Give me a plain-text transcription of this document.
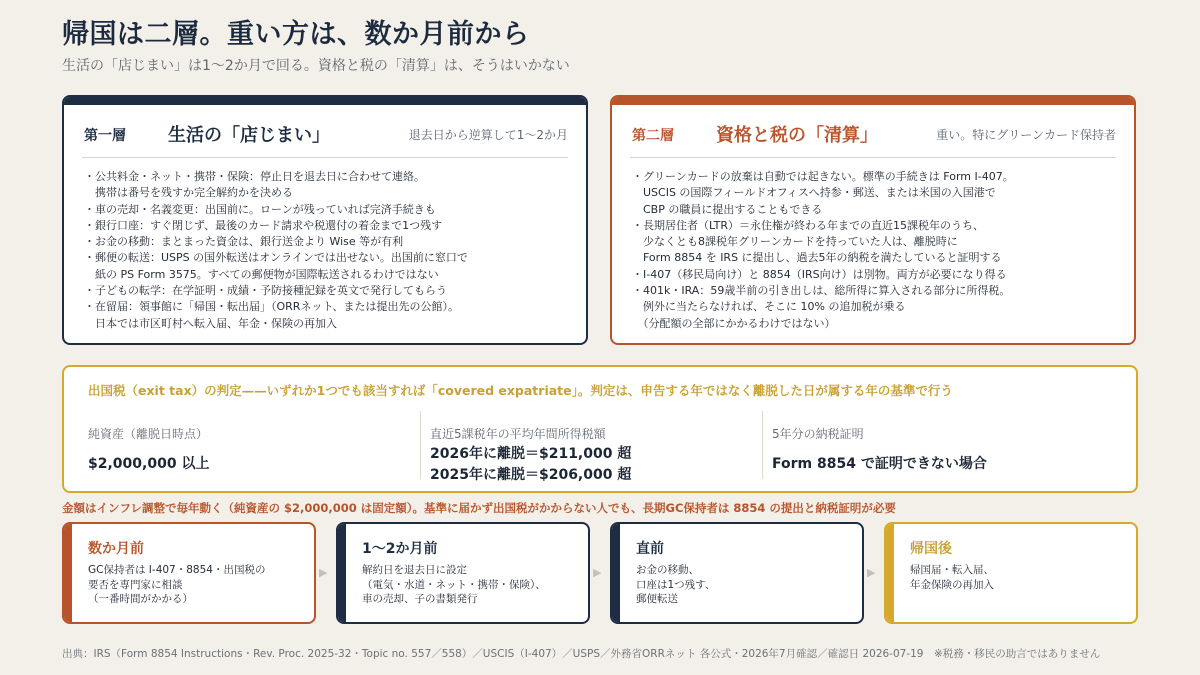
帰国は二層。重い方は、数か月前から
生活の「店じまい」は1〜2か月で回る。資格と税の「清算」は、そうはいかない
第一層 生活の「店じまい」	退去日から逆算して1〜2か月
・公共料金・ネット・携帯・保険：停止日を退去日に合わせて連絡。
　携帯は番号を残すか完全解約かを決める
・車の売却・名義変更：出国前に。ローンが残っていれば完済手続きも
・銀行口座：すぐ閉じず、最後のカード請求や税還付の着金まで1つ残す
・お金の移動：まとまった資金は、銀行送金より Wise 等が有利
・郵便の転送：USPS の国外転送はオンラインでは出せない。出国前に窓口で
　紙の PS Form 3575。すべての郵便物が国際転送されるわけではない
・子どもの転学：在学証明・成績・予防接種記録を英文で発行してもらう
・在留届：領事館に「帰国・転出届」（ORRネット、または提出先の公館）。
　日本では市区町村へ転入届、年金・保険の再加入
第二層 資格と税の「清算」	重い。特にグリーンカード保持者
・グリーンカードの放棄は自動では起きない。標準の手続きは Form I-407。
　USCIS の国際フィールドオフィスへ持参・郵送、または米国の入国港で
　CBP の職員に提出することもできる
・長期居住者（LTR）＝永住権が終わる年までの直近15課税年のうち、
　少なくとも8課税年グリーンカードを持っていた人は、離脱時に
　Form 8854 を IRS に提出し、過去5年の納税を満たしていると証明する
・I-407（移民局向け）と 8854（IRS向け）は別物。両方が必要になり得る
・401k・IRA：59歳半前の引き出しは、総所得に算入される部分に所得税。
　例外に当たらなければ、そこに 10% の追加税が乗る
　（分配額の全部にかかるわけではない）
出国税（exit tax）の判定——いずれか1つでも該当すれば「covered expatriate」。判定は、申告する年ではなく離脱した日が属する年の基準で行う
純資産（離脱日時点）
$2,000,000 以上
直近5課税年の平均年間所得税額
2026年に離脱＝$211,000 超
2025年に離脱＝$206,000 超
5年分の納税証明
Form 8854 で証明できない場合
金額はインフレ調整で毎年動く（純資産の $2,000,000 は固定額）。基準に届かず出国税がかからない人でも、長期GC保持者は 8854 の提出と納税証明が必要
数か月前
GC保持者は I-407・8854・出国税の
要否を専門家に相談
（一番時間がかかる）
▶
1〜2か月前
解約日を退去日に設定
（電気・水道・ネット・携帯・保険）、
車の売却、子の書類発行
▶
直前
お金の移動、
口座は1つ残す、
郵便転送
▶
帰国後
帰国届・転入届、
年金保険の再加入
出典：IRS（Form 8854 Instructions・Rev. Proc. 2025-32・Topic no. 557／558）／USCIS（I-407）／USPS／外務省ORRネット 各公式・2026年7月確認／確認日 2026-07-19　※税務・移民の助言ではありません
